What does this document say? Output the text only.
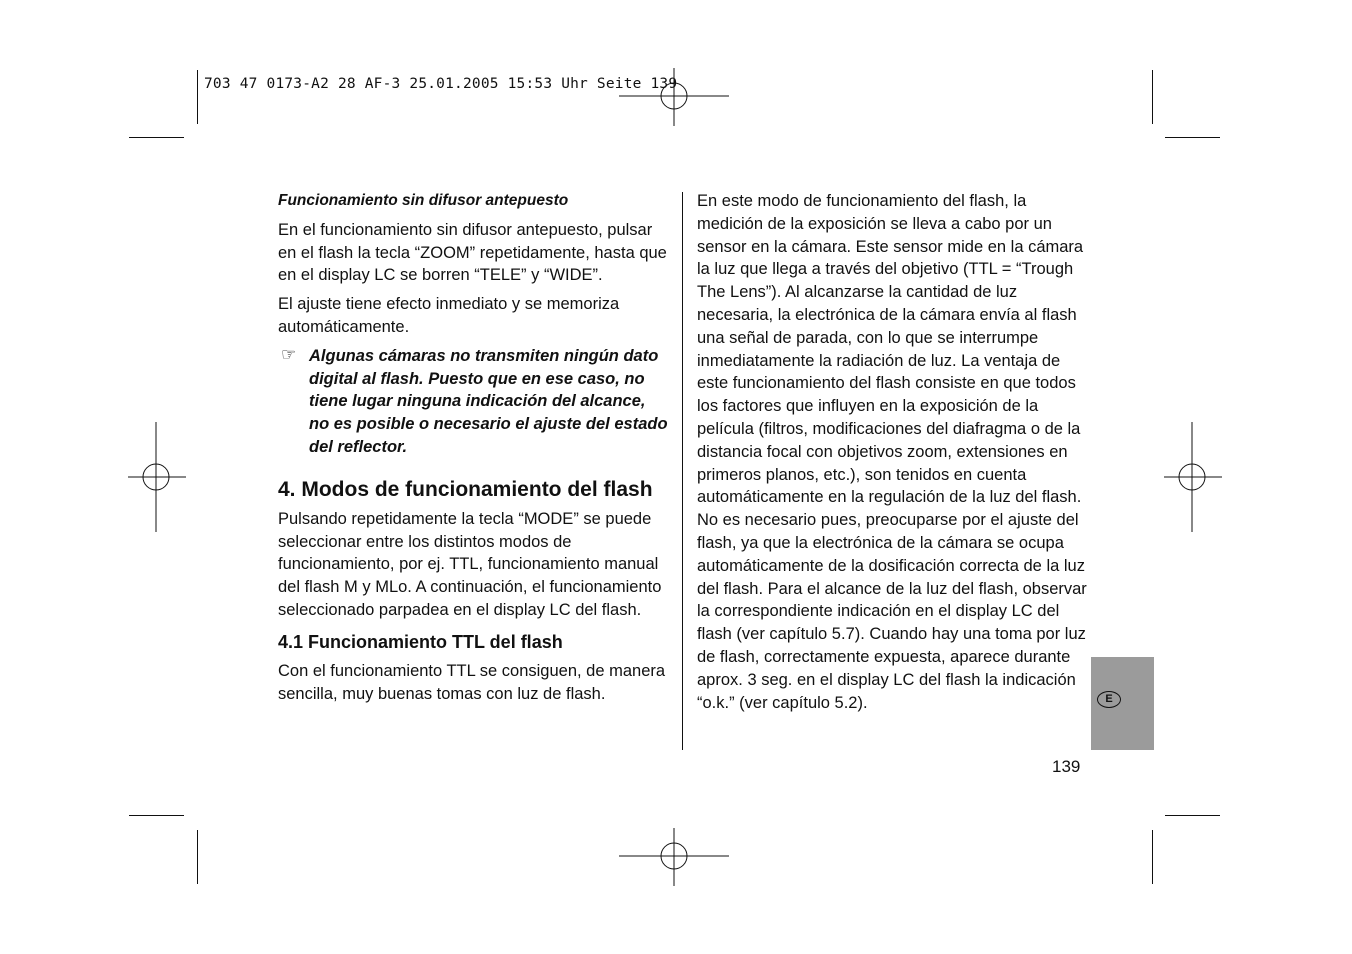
703 47 0173-A2 28 AF-3 25.01.2005 15:53 Uhr Seite 139
Funcionamiento sin difusor antepuesto

En el funcionamiento sin difusor antepuesto, pulsar en el flash la tecla “ZOOM” repetidamente, hasta que en el display LC se borren “TELE” y “WIDE”.

El ajuste tiene efecto inmediato y se memoriza automáticamente.

☞ Algunas cámaras no transmiten ningún dato digital al flash. Puesto que en ese caso, no tiene lugar ninguna indicación del alcance, no es posible o necesario el ajuste del estado del reflector.
4. Modos de funcionamiento del flash

Pulsando repetidamente la tecla “MODE” se puede seleccionar entre los distintos modos de funcionamiento, por ej. TTL, funcionamiento manual del flash M y MLo. A continuación, el funcionamiento seleccionado parpadea en el display LC del flash.

4.1 Funcionamiento TTL del flash

Con el funcionamiento TTL se consiguen, de manera sencilla, muy buenas tomas con luz de flash.

En este modo de funcionamiento del flash, la medición de la exposición se lleva a cabo por un sensor en la cámara. Este sensor mide en la cámara la luz que llega a través del objetivo (TTL = “Trough The Lens”). Al alcanzarse la cantidad de luz necesaria, la electrónica de la cámara envía al flash una señal de parada, con lo que se interrumpe inmediatamente la radiación de luz. La ventaja de este funcionamiento del flash consiste en que todos los factores que influyen en la exposición de la película (filtros, modificaciones del diafragma o de la distancia focal con objetivos zoom, extensiones en primeros planos, etc.), son tenidos en cuenta automáticamente en la regulación de la luz del flash. No es necesario pues, preocuparse por el ajuste del flash, ya que la electrónica de la cámara se ocupa automáticamente de la dosificación correcta de la luz del flash. Para el alcance de la luz del flash, observar la correspondiente indicación en el display LC del flash (ver capítulo 5.7). Cuando hay una toma por luz de flash, correctamente expuesta, aparece durante aprox. 3 seg. en el display LC del flash la indicación “o.k.” (ver capítulo 5.2).	E
139
